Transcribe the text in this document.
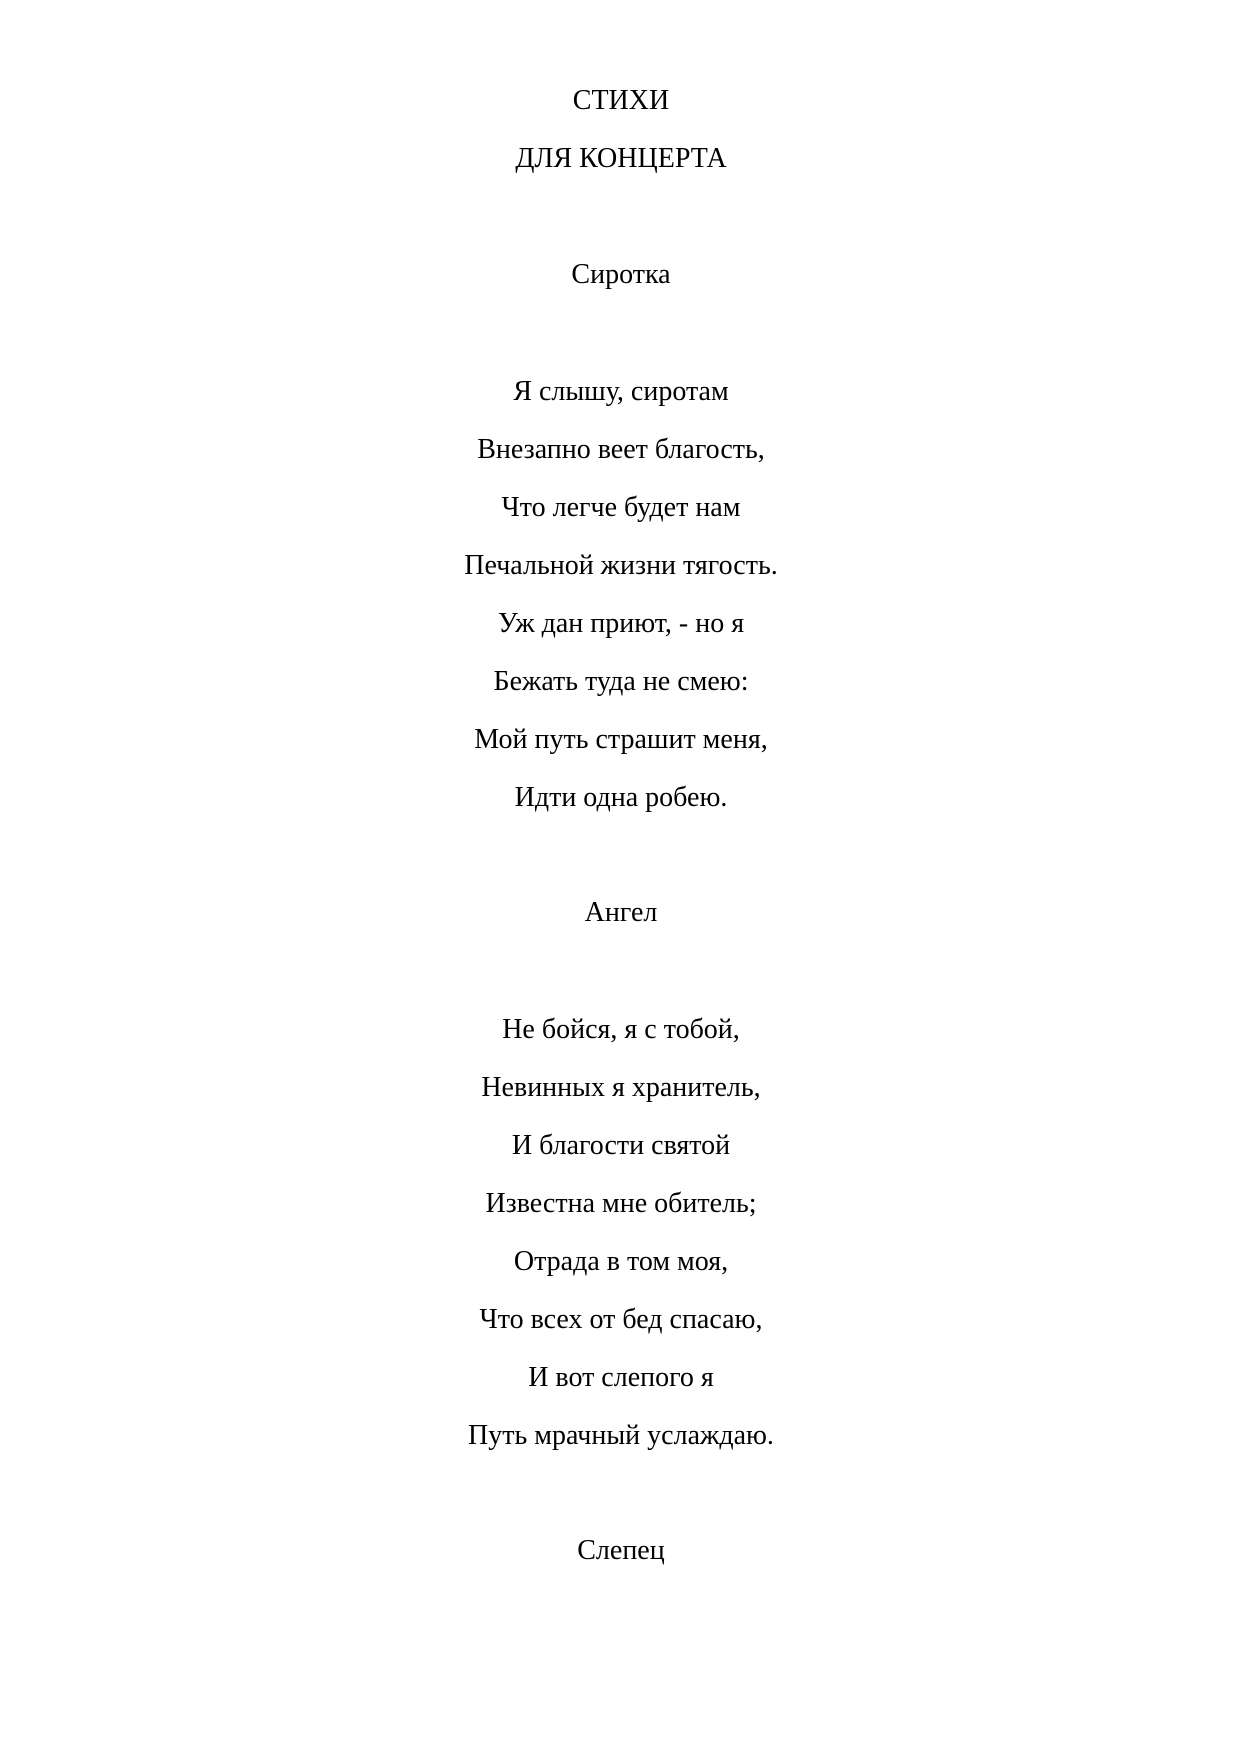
СТИХИ
ДЛЯ КОНЦЕРТА
Сиротка
Я слышу, сиротам
Внезапно веет благость,
Что легче будет нам
Печальной жизни тягость.
Уж дан приют, - но я
Бежать туда не смею:
Мой путь страшит меня,
Идти одна робею.
Ангел
Не бойся, я с тобой,
Невинных я хранитель,
И благости святой
Известна мне обитель;
Отрада в том моя,
Что всех от бед спасаю,
И вот слепого я
Путь мрачный услаждаю.
Слепец
